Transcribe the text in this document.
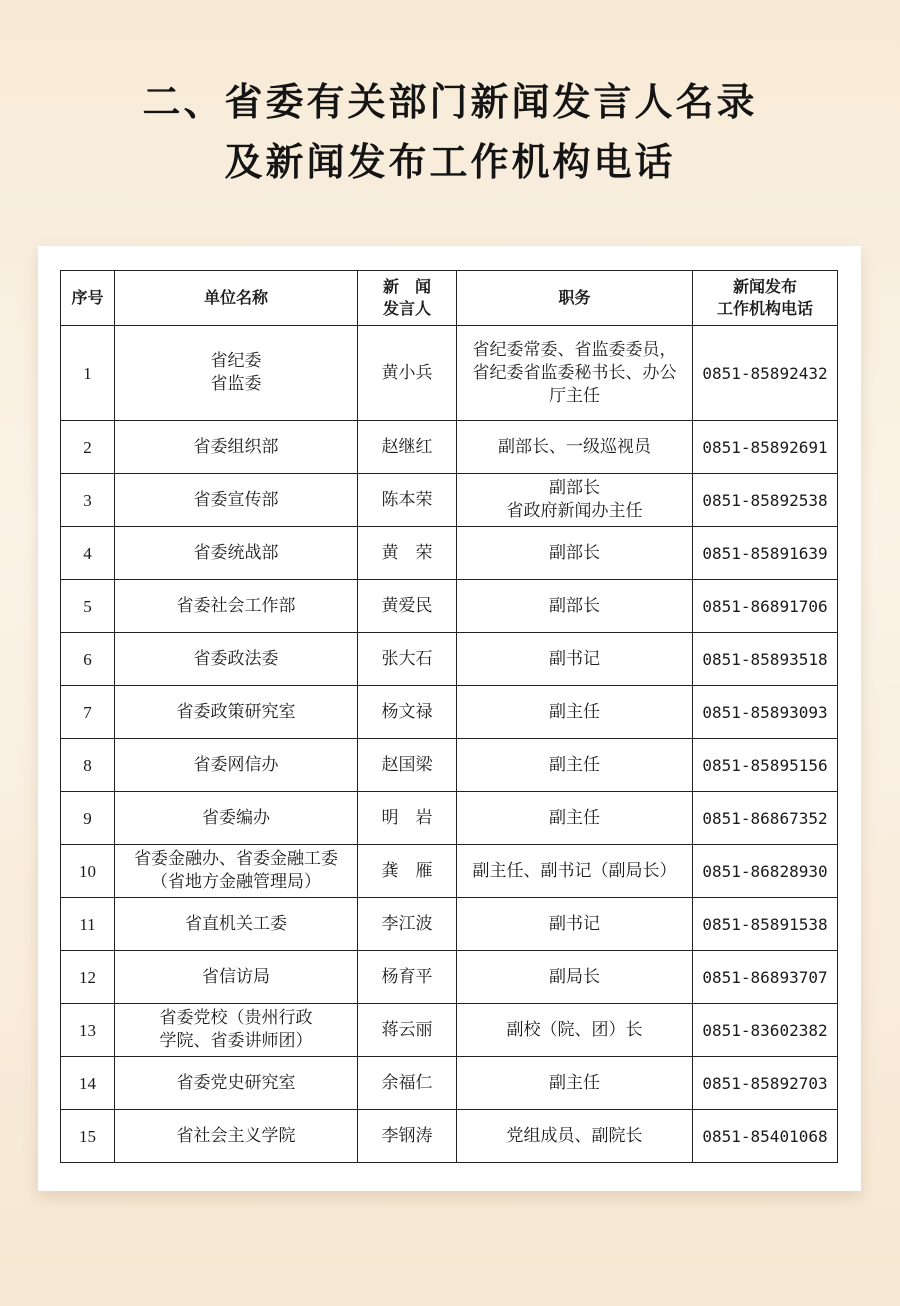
二、省委有关部门新闻发言人名录
及新闻发布工作机构电话
序号	单位名称	新　闻
发言人	职务	新闻发布
工作机构电话
1	省纪委
省监委	黄小兵	省纪委常委、省监委委员，
省纪委省监委秘书长、办公
厅主任	0851-85892432
2	省委组织部	赵继红	副部长、一级巡视员	0851-85892691
3	省委宣传部	陈本荣	副部长
省政府新闻办主任	0851-85892538
4	省委统战部	黄　荣	副部长	0851-85891639
5	省委社会工作部	黄爱民	副部长	0851-86891706
6	省委政法委	张大石	副书记	0851-85893518
7	省委政策研究室	杨文禄	副主任	0851-85893093
8	省委网信办	赵国梁	副主任	0851-85895156
9	省委编办	明　岩	副主任	0851-86867352
10	省委金融办、省委金融工委
（省地方金融管理局）	龚　雁	副主任、副书记（副局长）	0851-86828930
11	省直机关工委	李江波	副书记	0851-85891538
12	省信访局	杨育平	副局长	0851-86893707
13	省委党校（贵州行政
学院、省委讲师团）	蒋云丽	副校（院、团）长	0851-83602382
14	省委党史研究室	余福仁	副主任	0851-85892703
15	省社会主义学院	李钢涛	党组成员、副院长	0851-85401068
